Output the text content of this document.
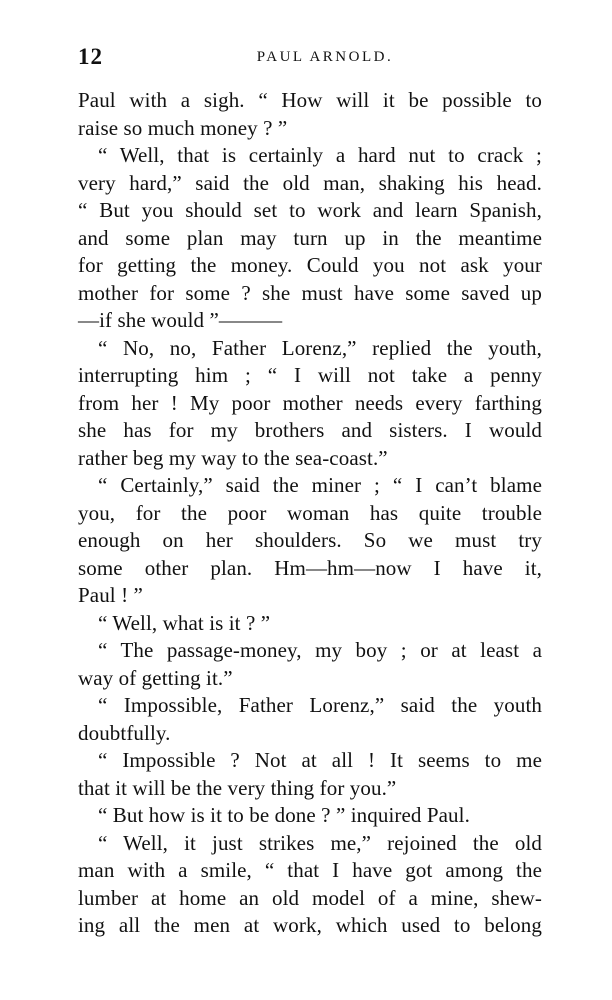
12	PAUL ARNOLD.
Paul with a sigh. “ How will it be possible to
raise so much money ? ”
“ Well, that is certainly a hard nut to crack ;
very hard,” said the old man, shaking his head.
“ But you should set to work and learn Spanish,
and some plan may turn up in the meantime
for getting the money. Could you not ask your
mother for some ? she must have some saved up
—if she would ”———
“ No, no, Father Lorenz,” replied the youth,
interrupting him ; “ I will not take a penny
from her ! My poor mother needs every farthing
she has for my brothers and sisters. I would
rather beg my way to the sea-coast.”
“ Certainly,” said the miner ; “ I can’t blame
you, for the poor woman has quite trouble
enough on her shoulders. So we must try
some other plan. Hm—hm—now I have it,
Paul ! ”
“ Well, what is it ? ”
“ The passage-money, my boy ; or at least a
way of getting it.”
“ Impossible, Father Lorenz,” said the youth
doubtfully.
“ Impossible ? Not at all ! It seems to me
that it will be the very thing for you.”
“ But how is it to be done ? ” inquired Paul.
“ Well, it just strikes me,” rejoined the old
man with a smile, “ that I have got among the
lumber at home an old model of a mine, shew-
ing all the men at work, which used to belong
